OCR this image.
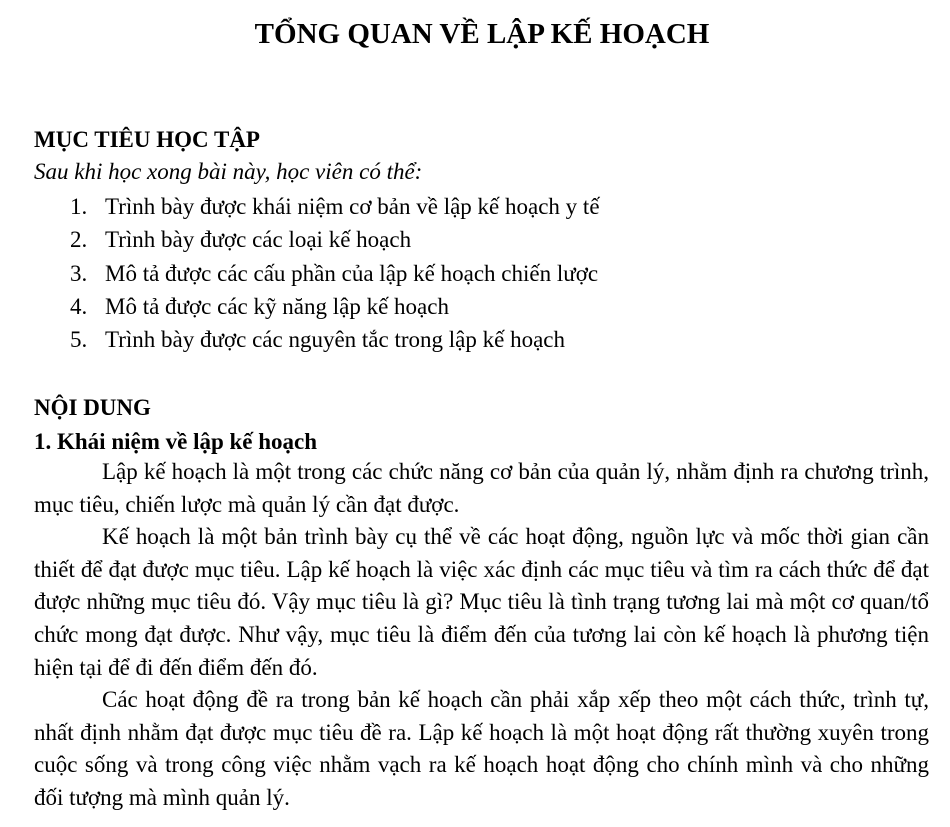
TỔNG QUAN VỀ LẬP KẾ HOẠCH
MỤC TIÊU HỌC TẬP
Sau khi học xong bài này, học viên có thể:
1. Trình bày được khái niệm cơ bản về lập kế hoạch y tế
2. Trình bày được các loại kế hoạch
3. Mô tả được các cấu phần của lập kế hoạch chiến lược
4. Mô tả được các kỹ năng lập kế hoạch
5. Trình bày được các nguyên tắc trong lập kế hoạch
NỘI DUNG
1. Khái niệm về lập kế hoạch

Lập kế hoạch là một trong các chức năng cơ bản của quản lý, nhằm định ra chương trình, mục tiêu, chiến lược mà quản lý cần đạt được.

Kế hoạch là một bản trình bày cụ thể về các hoạt động, nguồn lực và mốc thời gian cần thiết để đạt được mục tiêu. Lập kế hoạch là việc xác định các mục tiêu và tìm ra cách thức để đạt được những mục tiêu đó. Vậy mục tiêu là gì? Mục tiêu là tình trạng tương lai mà một cơ quan/tổ chức mong đạt được. Như vậy, mục tiêu là điểm đến của tương lai còn kế hoạch là phương tiện hiện tại để đi đến điểm đến đó.

Các hoạt động đề ra trong bản kế hoạch cần phải xắp xếp theo một cách thức, trình tự, nhất định nhằm đạt được mục tiêu đề ra. Lập kế hoạch là một hoạt động rất thường xuyên trong cuộc sống và trong công việc nhằm vạch ra kế hoạch hoạt động cho chính mình và cho những đối tượng mà mình quản lý.
